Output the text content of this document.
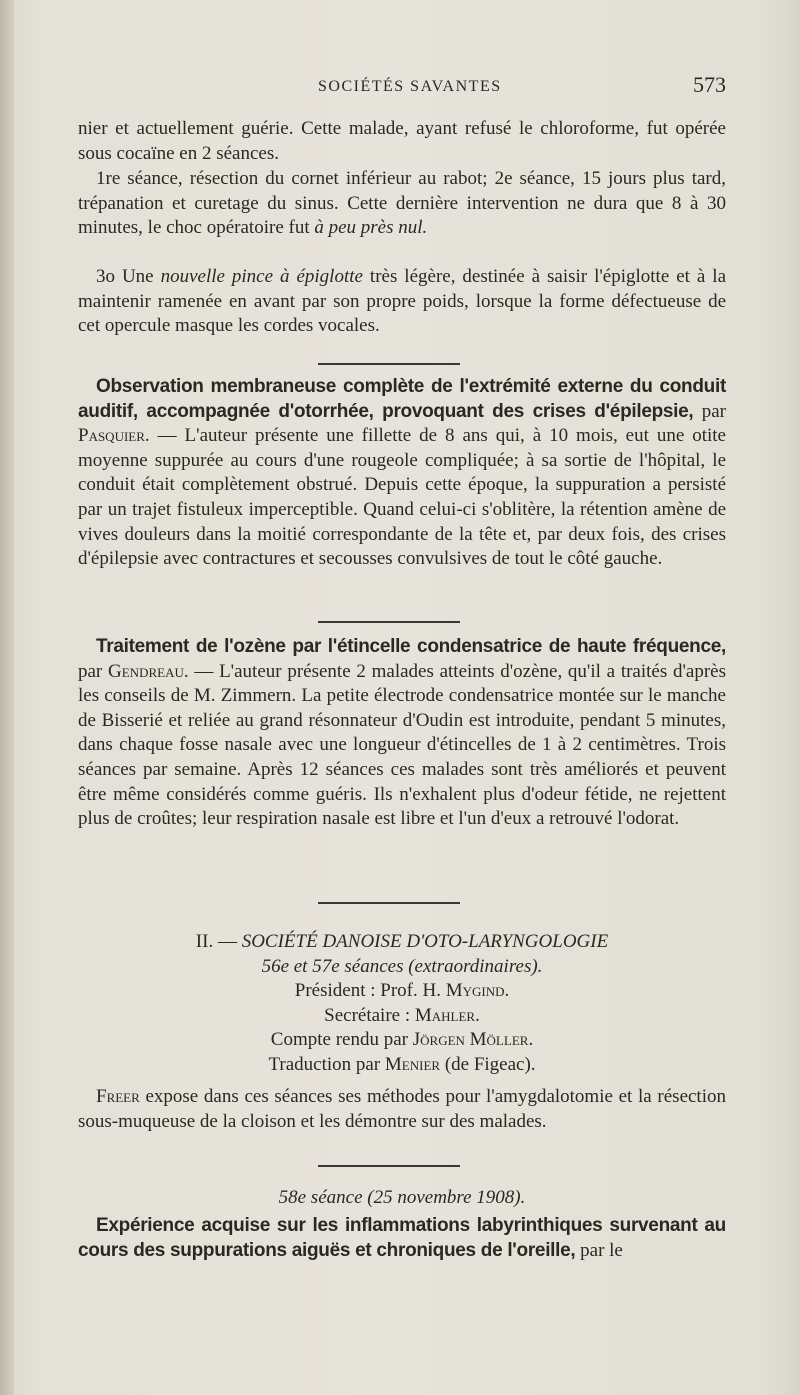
SOCIÉTÉS SAVANTES	573

nier et actuellement guérie. Cette malade, ayant refusé le chloroforme, fut opérée sous cocaïne en 2 séances.

1re séance, résection du cornet inférieur au rabot; 2e séance, 15 jours plus tard, trépanation et curetage du sinus. Cette dernière intervention ne dura que 8 à 30 minutes, le choc opératoire fut à peu près nul.

3o Une nouvelle pince à épiglotte très légère, destinée à saisir l'épiglotte et à la maintenir ramenée en avant par son propre poids, lorsque la forme défectueuse de cet opercule masque les cordes vocales.

Observation membraneuse complète de l'extrémité externe du conduit auditif, accompagnée d'otorrhée, provoquant des crises d'épilepsie, par Pasquier. — L'auteur présente une fillette de 8 ans qui, à 10 mois, eut une otite moyenne suppurée au cours d'une rougeole compliquée; à sa sortie de l'hôpital, le conduit était complètement obstrué. Depuis cette époque, la suppuration a persisté par un trajet fistuleux imperceptible. Quand celui-ci s'oblitère, la rétention amène de vives douleurs dans la moitié correspondante de la tête et, par deux fois, des crises d'épilepsie avec contractures et secousses convulsives de tout le côté gauche.

Traitement de l'ozène par l'étincelle condensatrice de haute fréquence, par Gendreau. — L'auteur présente 2 malades atteints d'ozène, qu'il a traités d'après les conseils de M. Zimmern. La petite électrode condensatrice montée sur le manche de Bisserié et reliée au grand résonnateur d'Oudin est introduite, pendant 5 minutes, dans chaque fosse nasale avec une longueur d'étincelles de 1 à 2 centimètres. Trois séances par semaine. Après 12 séances ces malades sont très améliorés et peuvent être même considérés comme guéris. Ils n'exhalent plus d'odeur fétide, ne rejettent plus de croûtes; leur respiration nasale est libre et l'un d'eux a retrouvé l'odorat.

II. — SOCIÉTÉ DANOISE D'OTO-LARYNGOLOGIE

56e et 57e séances (extraordinaires).

Président : Prof. H. Mygind.

Secrétaire : Mahler.

Compte rendu par Jörgen Möller.

Traduction par Menier (de Figeac).

Freer expose dans ces séances ses méthodes pour l'amygdalotomie et la résection sous-muqueuse de la cloison et les démontre sur des malades.

58e séance (25 novembre 1908).

Expérience acquise sur les inflammations labyrinthiques survenant au cours des suppurations aiguës et chroniques de l'oreille, par le
